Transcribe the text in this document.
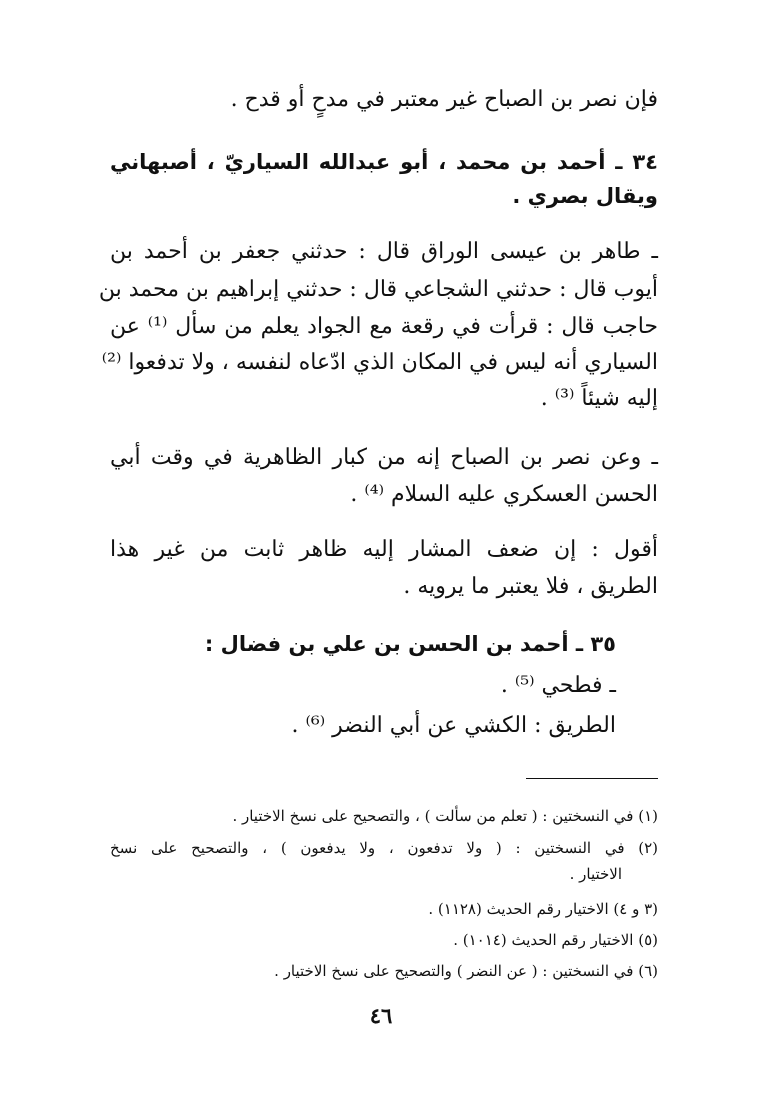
فإن نصر بن الصباح غير معتبر في مدحٍ أو قدح .
٣٤ ـ أحمد بن محمد ، أبو عبدالله السياريّ ، أصبهاني
ويقال بصري .
ـ طاهر بن عيسى الوراق قال : حدثني جعفر بن أحمد بن
أيوب قال : حدثني الشجاعي قال : حدثني إبراهيم بن محمد بن
حاجب قال : قرأت في رقعة مع الجواد يعلم من سأل ⁽¹⁾ عن
السياري أنه ليس في المكان الذي ادّعاه لنفسه ، ولا تدفعوا ⁽²⁾
إليه شيئاً ⁽³⁾ .
ـ وعن نصر بن الصباح إنه من كبار الظاهرية في وقت أبي
الحسن العسكري عليه السلام ⁽⁴⁾ .
أقول : إن ضعف المشار إليه ظاهر ثابت من غير هذا
الطريق ، فلا يعتبر ما يرويه .
٣٥ ـ أحمد بن الحسن بن علي بن فضال :
ـ فطحي ⁽⁵⁾ .
الطريق : الكشي عن أبي النضر ⁽⁶⁾ .
(١) في النسختين : ( تعلم من سألت ) ، والتصحيح على نسخ الاختيار .
(٢) في النسختين : ( ولا تدفعون ، ولا يدفعون ) ، والتصحيح على نسخ
الاختيار .
(٣ و ٤) الاختيار رقم الحديث (١١٢٨) .
(٥) الاختيار رقم الحديث (١٠١٤) .
(٦) في النسختين : ( عن النضر ) والتصحيح على نسخ الاختيار .
٤٦
